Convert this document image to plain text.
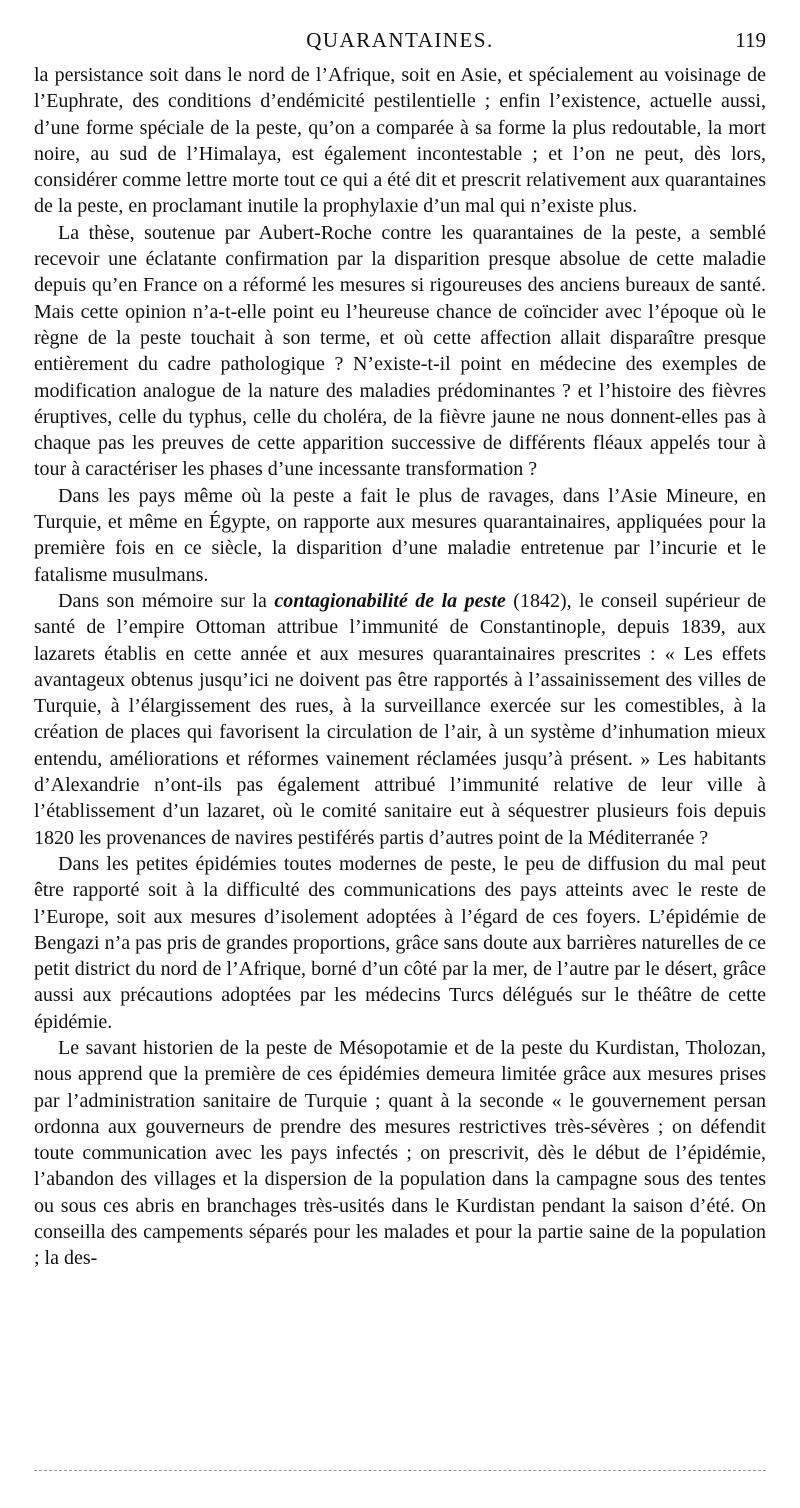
QUARANTAINES.	119

la persistance soit dans le nord de l’Afrique, soit en Asie, et spécialement au voisinage de l’Euphrate, des conditions d’endémicité pestilentielle ; enfin l’existence, actuelle aussi, d’une forme spéciale de la peste, qu’on a comparée à sa forme la plus redoutable, la mort noire, au sud de l’Himalaya, est également incontestable ; et l’on ne peut, dès lors, considérer comme lettre morte tout ce qui a été dit et prescrit relativement aux quarantaines de la peste, en proclamant inutile la prophylaxie d’un mal qui n’existe plus.

La thèse, soutenue par Aubert-Roche contre les quarantaines de la peste, a semblé recevoir une éclatante confirmation par la disparition presque absolue de cette maladie depuis qu’en France on a réformé les mesures si rigoureuses des anciens bureaux de santé. Mais cette opinion n’a-t-elle point eu l’heureuse chance de coïncider avec l’époque où le règne de la peste touchait à son terme, et où cette affection allait disparaître presque entièrement du cadre pathologique ? N’existe-t-il point en médecine des exemples de modification analogue de la nature des maladies prédominantes ? et l’histoire des fièvres éruptives, celle du typhus, celle du choléra, de la fièvre jaune ne nous donnent-elles pas à chaque pas les preuves de cette apparition successive de différents fléaux appelés tour à tour à caractériser les phases d’une incessante transformation ?

Dans les pays même où la peste a fait le plus de ravages, dans l’Asie Mineure, en Turquie, et même en Égypte, on rapporte aux mesures quarantainaires, appliquées pour la première fois en ce siècle, la disparition d’une maladie entretenue par l’incurie et le fatalisme musulmans.

Dans son mémoire sur la contagionabilité de la peste (1842), le conseil supérieur de santé de l’empire Ottoman attribue l’immunité de Constantinople, depuis 1839, aux lazarets établis en cette année et aux mesures quarantainaires prescrites : « Les effets avantageux obtenus jusqu’ici ne doivent pas être rapportés à l’assainissement des villes de Turquie, à l’élargissement des rues, à la surveillance exercée sur les comestibles, à la création de places qui favorisent la circulation de l’air, à un système d’inhumation mieux entendu, améliorations et réformes vainement réclamées jusqu’à présent. » Les habitants d’Alexandrie n’ont-ils pas également attribué l’immunité relative de leur ville à l’établissement d’un lazaret, où le comité sanitaire eut à séquestrer plusieurs fois depuis 1820 les provenances de navires pestiférés partis d’autres point de la Méditerranée ?

Dans les petites épidémies toutes modernes de peste, le peu de diffusion du mal peut être rapporté soit à la difficulté des communications des pays atteints avec le reste de l’Europe, soit aux mesures d’isolement adoptées à l’égard de ces foyers. L’épidémie de Bengazi n’a pas pris de grandes proportions, grâce sans doute aux barrières naturelles de ce petit district du nord de l’Afrique, borné d’un côté par la mer, de l’autre par le désert, grâce aussi aux précautions adoptées par les médecins Turcs délégués sur le théâtre de cette épidémie.

Le savant historien de la peste de Mésopotamie et de la peste du Kurdistan, Tholozan, nous apprend que la première de ces épidémies demeura limitée grâce aux mesures prises par l’administration sanitaire de Turquie ; quant à la seconde « le gouvernement persan ordonna aux gouverneurs de prendre des mesures restrictives très-sévères ; on défendit toute communication avec les pays infectés ; on prescrivit, dès le début de l’épidémie, l’abandon des villages et la dispersion de la population dans la campagne sous des tentes ou sous ces abris en branchages très-usités dans le Kurdistan pendant la saison d’été. On conseilla des campements séparés pour les malades et pour la partie saine de la population ; la des-
